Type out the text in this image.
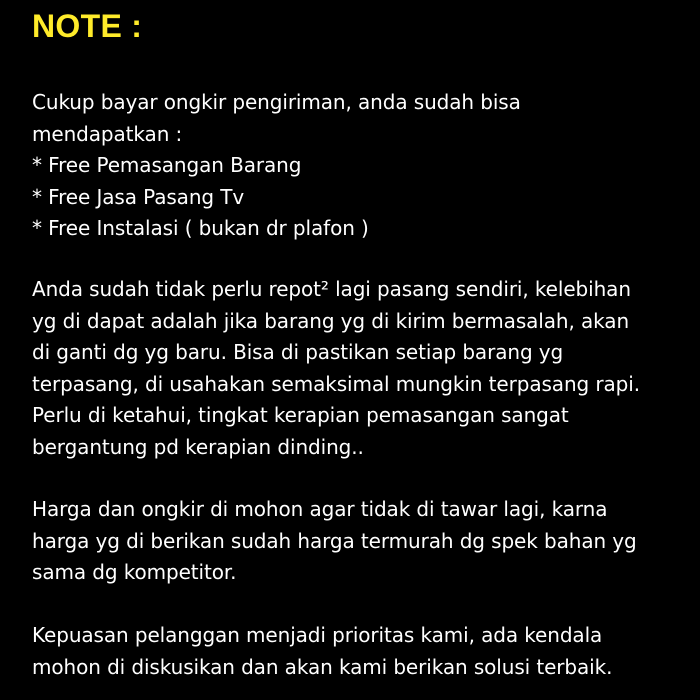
NOTE :
Cukup bayar ongkir pengiriman, anda sudah bisa
mendapatkan :
* Free Pemasangan Barang
* Free Jasa Pasang Tv
* Free Instalasi ( bukan dr plafon )
Anda sudah tidak perlu repot² lagi pasang sendiri, kelebihan
yg di dapat adalah jika barang yg di kirim bermasalah, akan
di ganti dg yg baru. Bisa di pastikan setiap barang yg
terpasang, di usahakan semaksimal mungkin terpasang rapi.
Perlu di ketahui, tingkat kerapian pemasangan sangat
bergantung pd kerapian dinding..
Harga dan ongkir di mohon agar tidak di tawar lagi, karna
harga yg di berikan sudah harga termurah dg spek bahan yg
sama dg kompetitor.
Kepuasan pelanggan menjadi prioritas kami, ada kendala
mohon di diskusikan dan akan kami berikan solusi terbaik.
